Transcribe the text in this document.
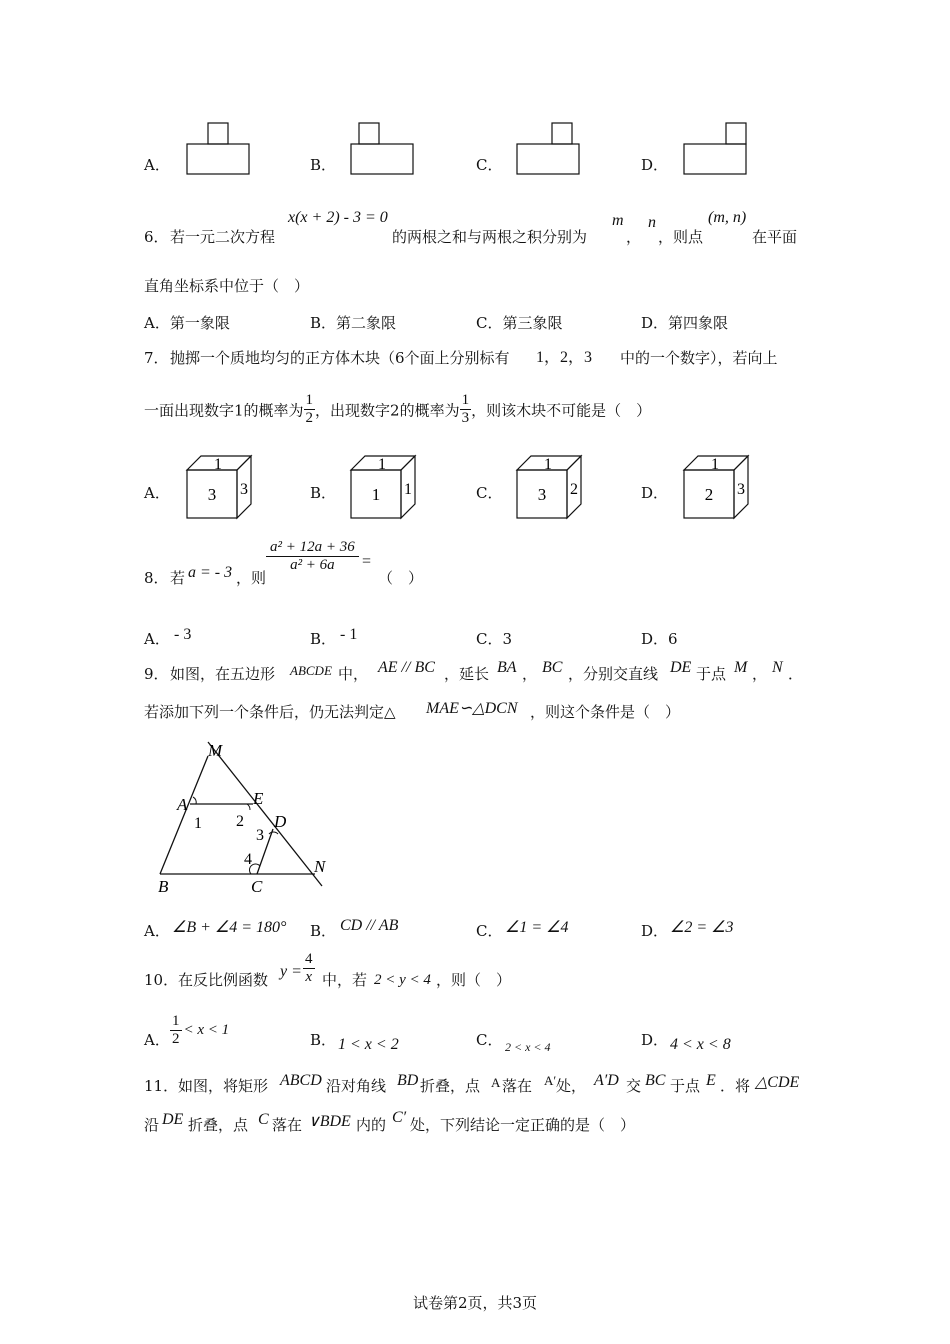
A．	B．	C．	D．
6． 若一元二次方程
x(x + 2) - 3 = 0
的两根之和与两根之积分别为
m
，
n
，则点
(m, n)
在平面
直角坐标系中位于（　）
A．第一象限	B．第二象限	C．第三象限	D．第四象限
7． 抛掷一个质地均匀的正方体木块（6个面上分别标有 1，2，3 中的一个数字），若向上
一面出现数字1的概率为 $\frac{1}{2}$ ，出现数字2的概率为 $\frac{1}{3}$ ，则该木块不可能是（　）
A．
1
3 3	B．
1
1 1	C．
1
3 2	D．
1
2 3
8． 若 a = - 3 ，则
$\frac{\text{a² + 12a + 36}}{\text{a² + 6a}}$ =
（　）
A． - 3	B． - 1	C．3	D．6
9． 如图，在五边形 ABCDE 中， AE // BC ，延长 BA ， BC ，分别交直线 DE 于点 M ， N ．
若添加下列一个条件后，仍无法判定△ MAE∽△DCN ，则这个条件是（　）
M
A	E
D
B	C
N
1 2
3
4
A． ∠B + ∠4 = 180° B． CD // AB	C． ∠1 = ∠4	D． ∠2 = ∠3
10． 在反比例函数 $y = \frac{4}{x}$ 中，若 2 < y < 4 ，则（　）
A． $\frac{1}{2} < x < 1$
B． 1 < x < 2	C． 2 < x < 4	D． 4 < x < 8
11． 如图，将矩形 ABCD 沿对角线 BD 折叠，点 A 落在 A′ 处， A′D 交 BC 于点 E ．将 △CDE
沿 DE 折叠，点 C 落在 ∨BDE 内的 C′ 处，下列结论一定正确的是（　）
试卷第2页，共3页
